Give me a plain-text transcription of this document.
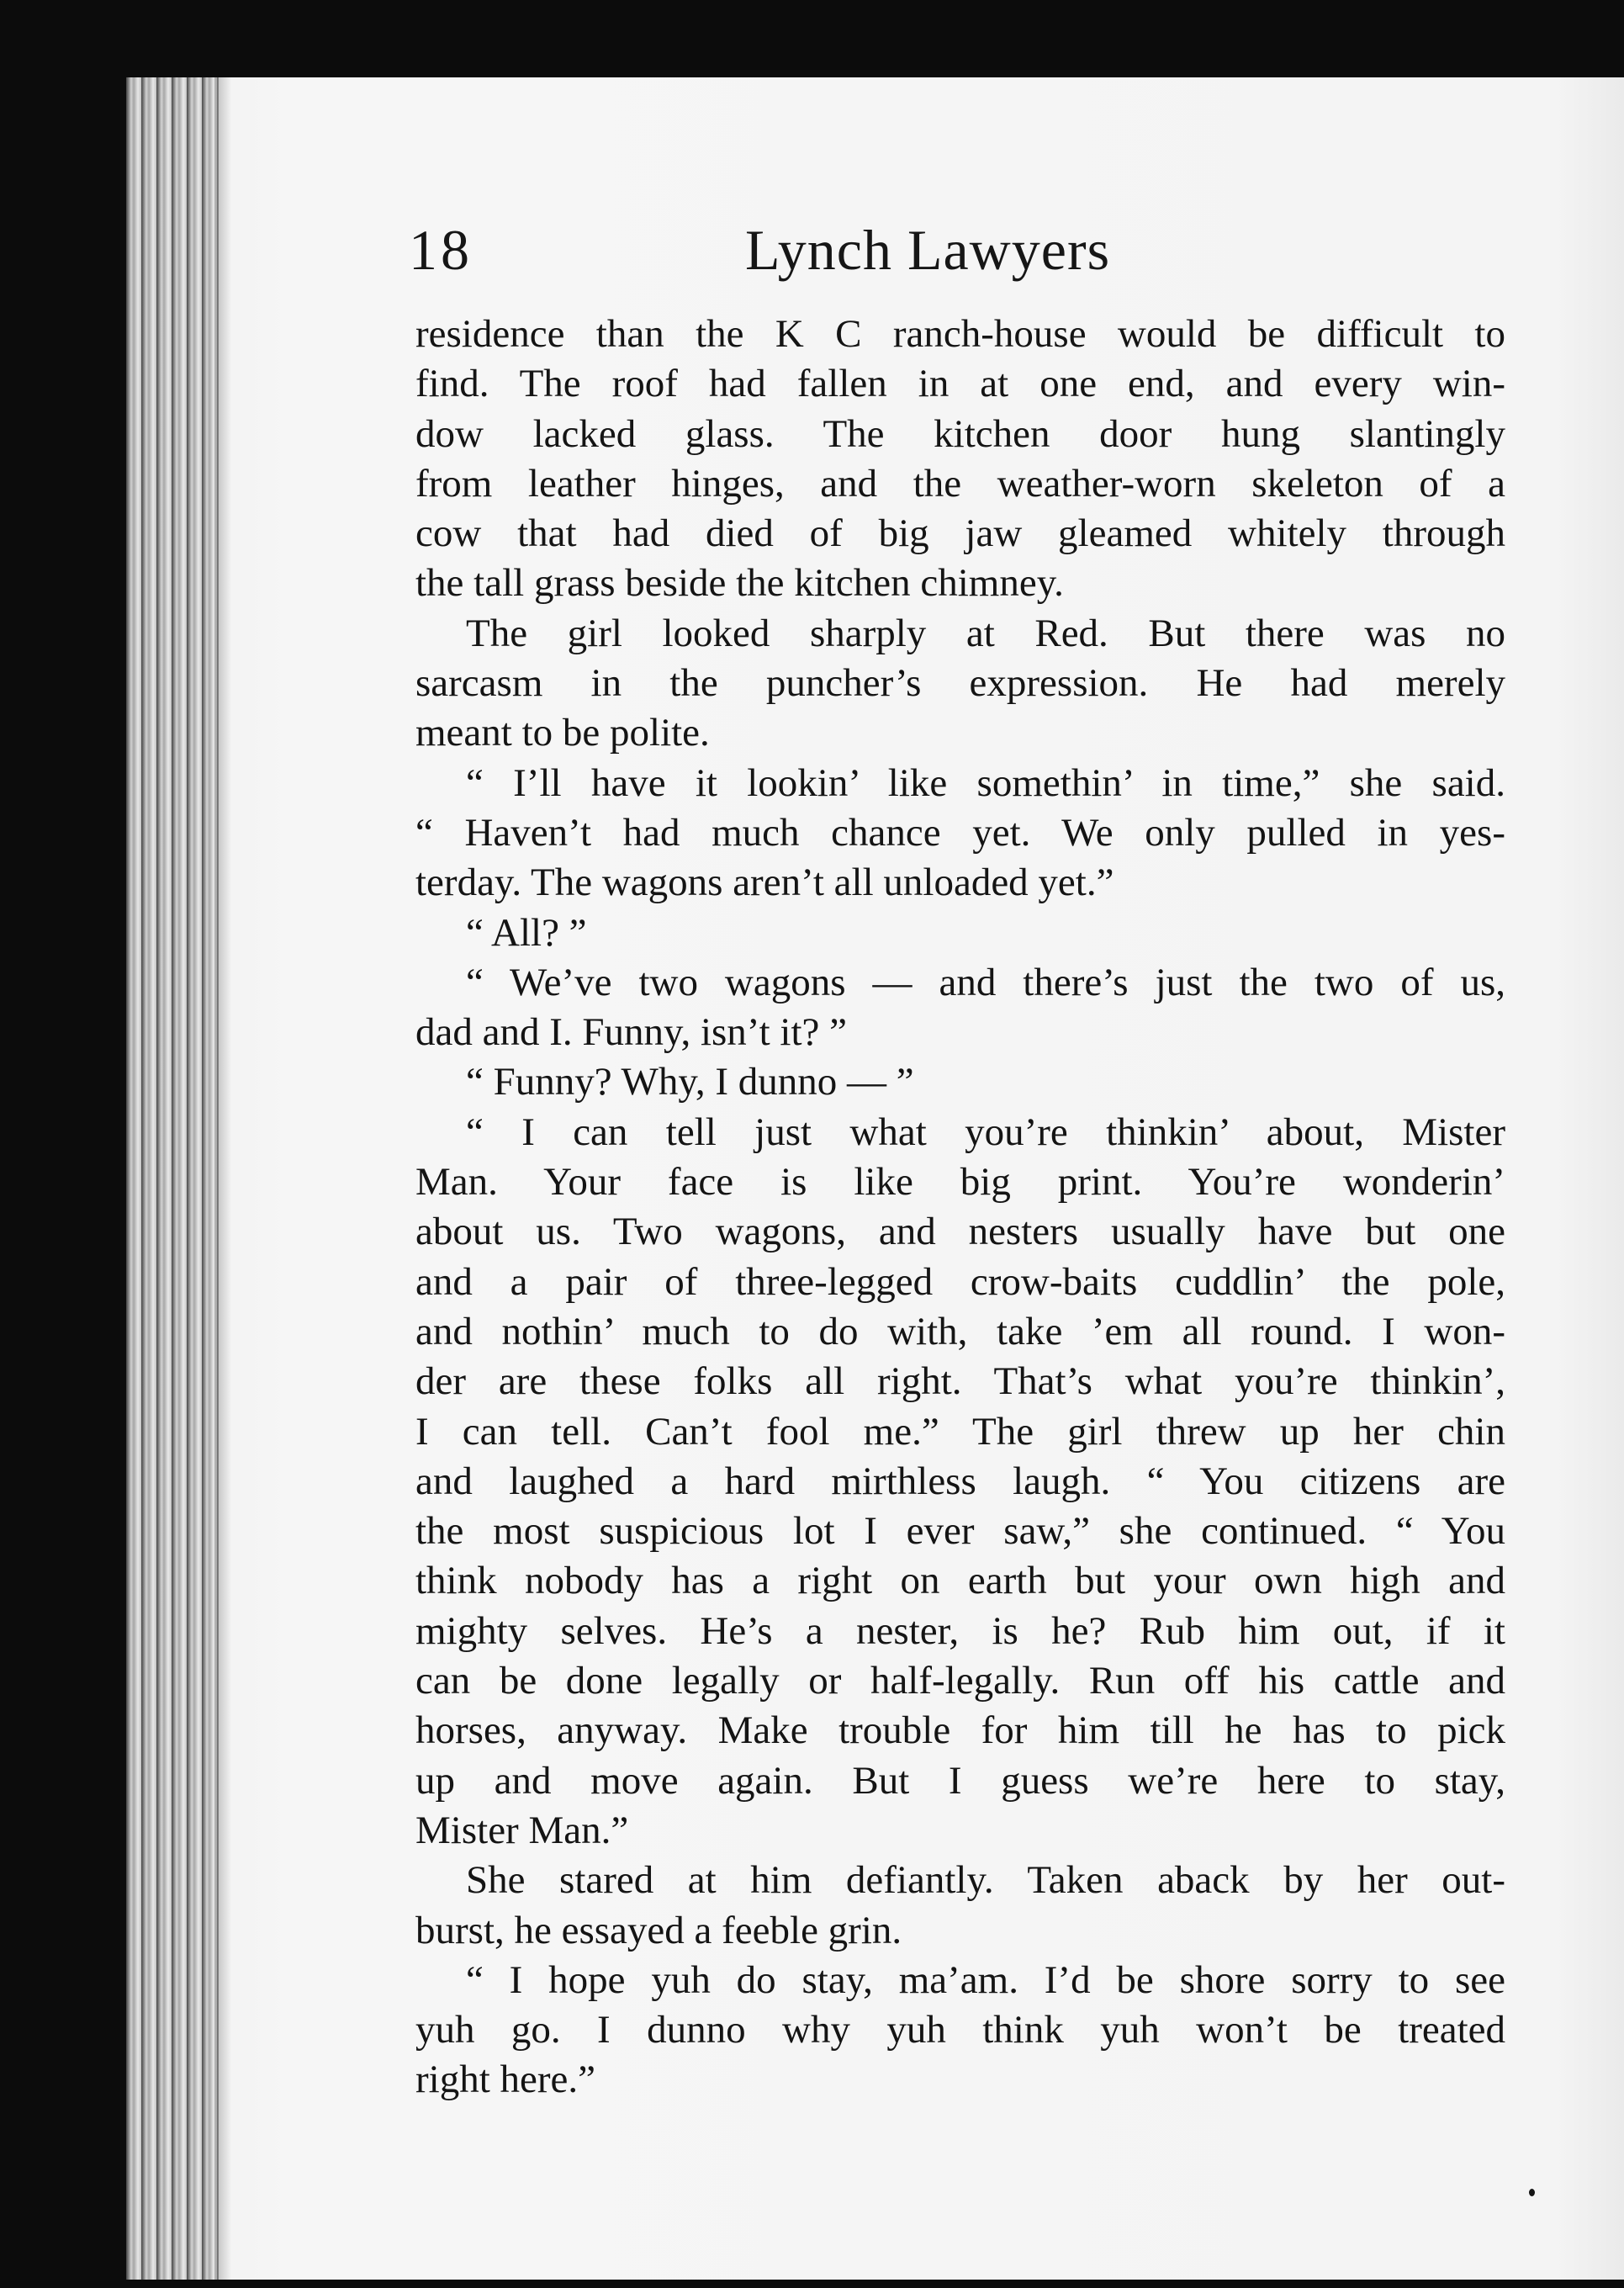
18	Lynch Lawyers
residence than the K C ranch-house would be difficult to
find. The roof had fallen in at one end, and every win-
dow lacked glass. The kitchen door hung slantingly
from leather hinges, and the weather-worn skeleton of a
cow that had died of big jaw gleamed whitely through
the tall grass beside the kitchen chimney.
The girl looked sharply at Red. But there was no
sarcasm in the puncher’s expression. He had merely
meant to be polite.
“ I’ll have it lookin’ like somethin’ in time,” she said.
“ Haven’t had much chance yet. We only pulled in yes-
terday. The wagons aren’t all unloaded yet.”
“ All? ”
“ We’ve two wagons — and there’s just the two of us,
dad and I. Funny, isn’t it? ”
“ Funny? Why, I dunno — ”
“ I can tell just what you’re thinkin’ about, Mister
Man. Your face is like big print. You’re wonderin’
about us. Two wagons, and nesters usually have but one
and a pair of three-legged crow-baits cuddlin’ the pole,
and nothin’ much to do with, take ’em all round. I won-
der are these folks all right. That’s what you’re thinkin’,
I can tell. Can’t fool me.” The girl threw up her chin
and laughed a hard mirthless laugh. “ You citizens are
the most suspicious lot I ever saw,” she continued. “ You
think nobody has a right on earth but your own high and
mighty selves. He’s a nester, is he? Rub him out, if it
can be done legally or half-legally. Run off his cattle and
horses, anyway. Make trouble for him till he has to pick
up and move again. But I guess we’re here to stay,
Mister Man.”
She stared at him defiantly. Taken aback by her out-
burst, he essayed a feeble grin.
“ I hope yuh do stay, ma’am. I’d be shore sorry to see
yuh go. I dunno why yuh think yuh won’t be treated
right here.”
